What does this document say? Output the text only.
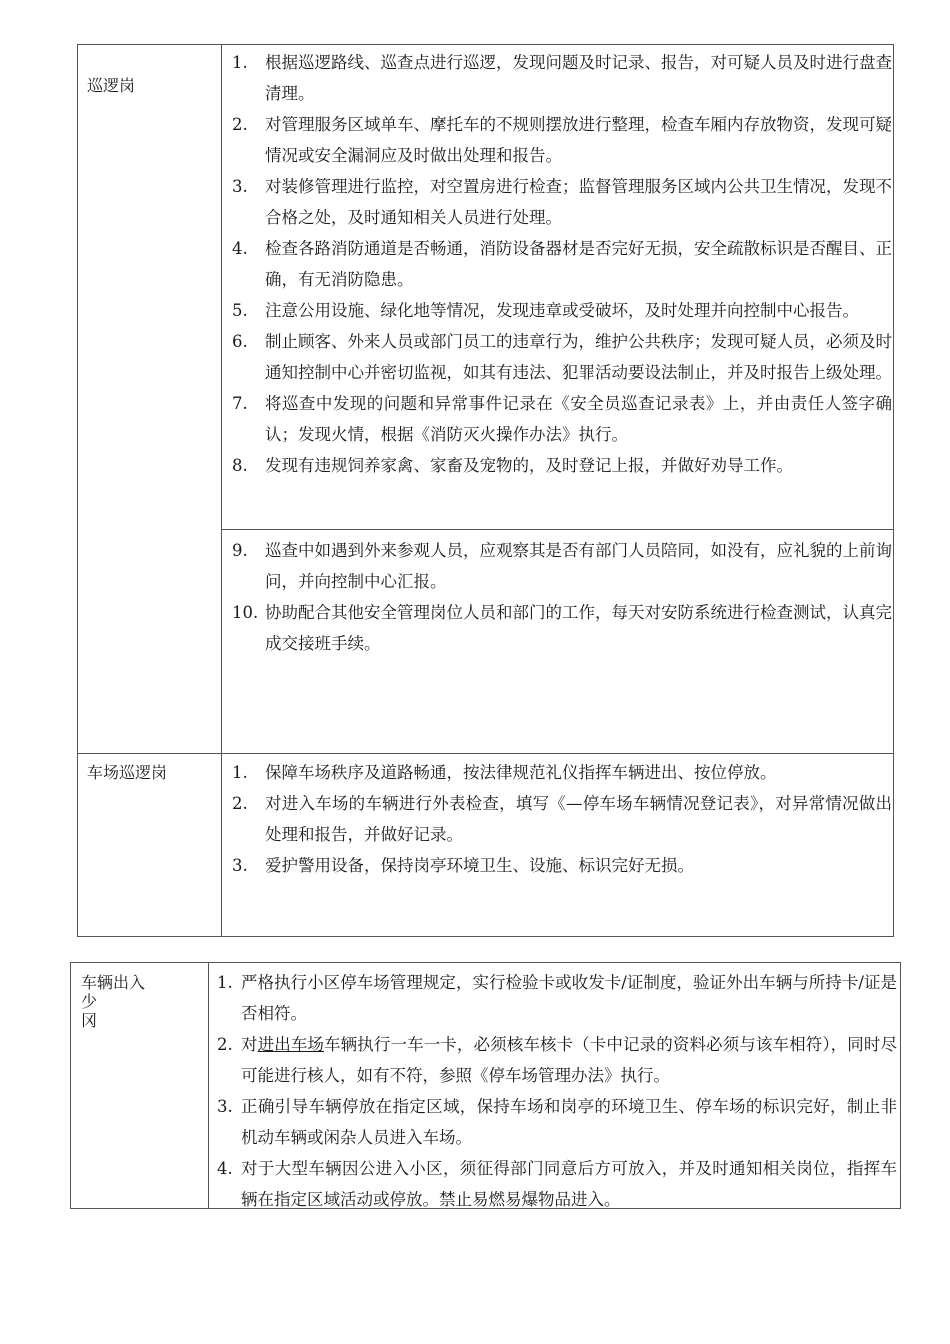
巡逻岗
1. 根据巡逻路线、巡查点进行巡逻，发现问题及时记录、报告，对可疑人员及时进行盘查清理。
2. 对管理服务区域单车、摩托车的不规则摆放进行整理，检查车厢内存放物资，发现可疑情况或安全漏洞应及时做出处理和报告。
3. 对装修管理进行监控，对空置房进行检查；监督管理服务区域内公共卫生情况，发现不合格之处，及时通知相关人员进行处理。
4. 检查各路消防通道是否畅通，消防设备器材是否完好无损，安全疏散标识是否醒目、正确，有无消防隐患。
5. 注意公用设施、绿化地等情况，发现违章或受破坏，及时处理并向控制中心报告。
6. 制止顾客、外来人员或部门员工的违章行为，维护公共秩序；发现可疑人员，必须及时通知控制中心并密切监视，如其有违法、犯罪活动要设法制止，并及时报告上级处理。
7. 将巡查中发现的问题和异常事件记录在《安全员巡查记录表》上，并由责任人签字确认；发现火情，根据《消防灭火操作办法》执行。
8. 发现有违规饲养家禽、家畜及宠物的，及时登记上报，并做好劝导工作。
9. 巡查中如遇到外来参观人员，应观察其是否有部门人员陪同，如没有，应礼貌的上前询问，并向控制中心汇报。
10. 协助配合其他安全管理岗位人员和部门的工作，每天对安防系统进行检查测试，认真完成交接班手续。
车场巡逻岗	1. 保障车场秩序及道路畅通，按法律规范礼仪指挥车辆进出、按位停放。
2. 对进入车场的车辆进行外表检查，填写《—停车场车辆情况登记表》，对异常情况做出处理和报告，并做好记录。
3. 爱护警用设备，保持岗亭环境卫生、设施、标识完好无损。
车辆出入
少
冈
1. 严格执行小区停车场管理规定，实行检验卡或收发卡/证制度，验证外出车辆与所持卡/证是否相符。
2. 对进出车场车辆执行一车一卡，必须核车核卡（卡中记录的资料必须与该车相符），同时尽可能进行核人，如有不符，参照《停车场管理办法》执行。
3. 正确引导车辆停放在指定区域，保持车场和岗亭的环境卫生、停车场的标识完好，制止非机动车辆或闲杂人员进入车场。
4. 对于大型车辆因公进入小区，须征得部门同意后方可放入，并及时通知相关岗位，指挥车辆在指定区域活动或停放。禁止易燃易爆物品进入。
